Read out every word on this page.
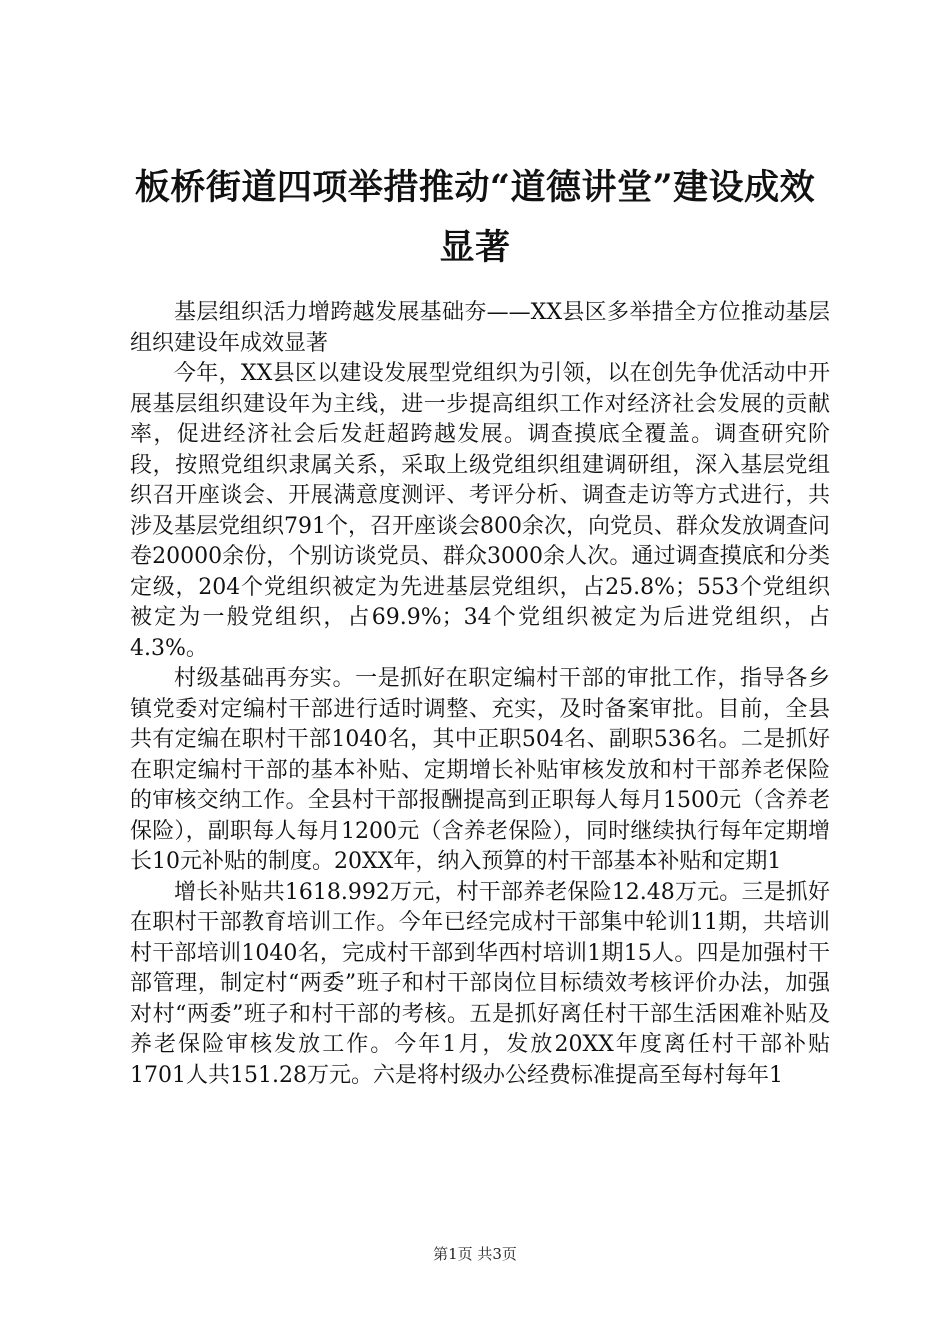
板桥街道四项举措推动“道德讲堂”建设成效显著

基层组织活力增跨越发展基础夯——XX县区多举措全方位推动基层组织建设年成效显著

今年，XX县区以建设发展型党组织为引领，以在创先争优活动中开展基层组织建设年为主线，进一步提高组织工作对经济社会发展的贡献率，促进经济社会后发赶超跨越发展。调查摸底全覆盖。调查研究阶段，按照党组织隶属关系，采取上级党组织组建调研组，深入基层党组织召开座谈会、开展满意度测评、考评分析、调查走访等方式进行，共涉及基层党组织791个，召开座谈会800余次，向党员、群众发放调查问卷20000余份，个别访谈党员、群众3000余人次。通过调查摸底和分类定级，204个党组织被定为先进基层党组织，占25.8%；553个党组织被定为一般党组织，占69.9%；34个党组织被定为后进党组织，占4.3%。

村级基础再夯实。一是抓好在职定编村干部的审批工作，指导各乡镇党委对定编村干部进行适时调整、充实，及时备案审批。目前，全县共有定编在职村干部1040名，其中正职504名、副职536名。二是抓好在职定编村干部的基本补贴、定期增长补贴审核发放和村干部养老保险的审核交纳工作。全县村干部报酬提高到正职每人每月1500元（含养老保险），副职每人每月1200元（含养老保险），同时继续执行每年定期增长10元补贴的制度。20XX年，纳入预算的村干部基本补贴和定期1

增长补贴共1618.992万元，村干部养老保险12.48万元。三是抓好在职村干部教育培训工作。今年已经完成村干部集中轮训11期，共培训村干部培训1040名，完成村干部到华西村培训1期15人。四是加强村干部管理，制定村“两委”班子和村干部岗位目标绩效考核评价办法，加强对村“两委”班子和村干部的考核。五是抓好离任村干部生活困难补贴及养老保险审核发放工作。今年1月，发放20XX年度离任村干部补贴1701人共151.28万元。六是将村级办公经费标准提高至每村每年1

第1页 共3页
